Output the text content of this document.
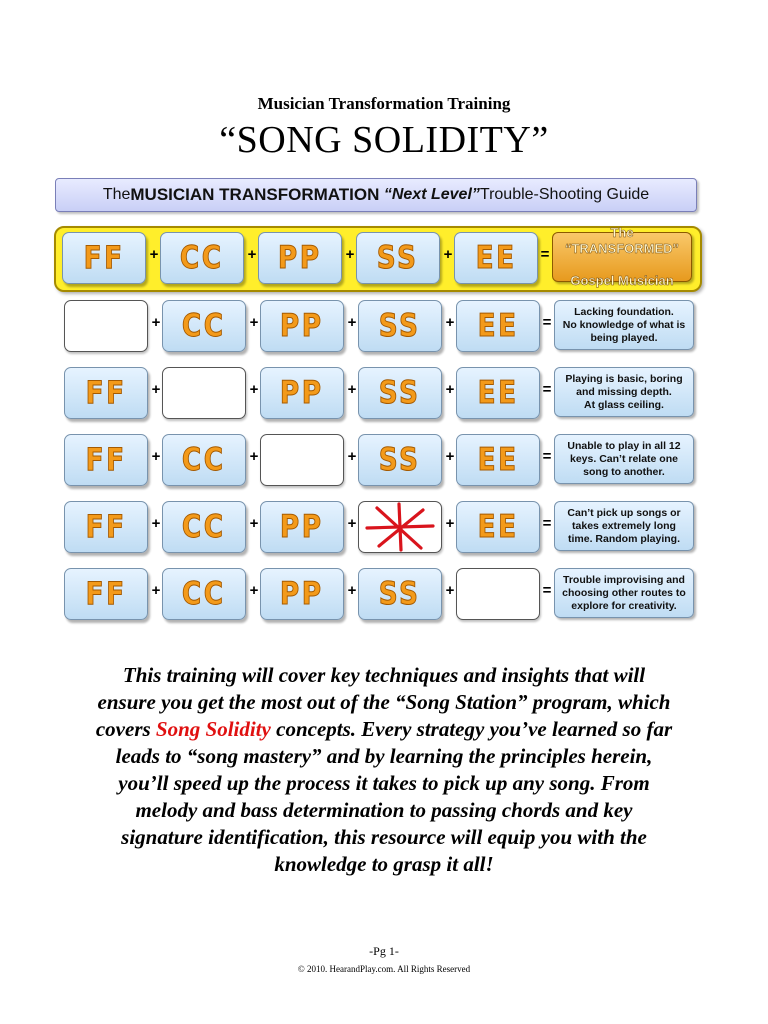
Musician Transformation Training
“SONG SOLIDITY”
The MUSICIAN TRANSFORMATION
“Next Level” Trouble-Shooting Guide
FF + CC + PP + SS + EE =

The “TRANSFORMED”

Gospel Musician

+ CC + PP + SS + EE =
Lacking foundation.
No knowledge of what is
being played.
FF +	+ PP + SS + EE =
Playing is basic, boring
and missing depth.
At glass ceiling.
FF + CC +	+ SS + EE =
Unable to play in all 12
keys. Can’t relate one
song to another.
FF + CC + PP +	+ EE =
Can’t pick up songs or
takes extremely long
time. Random playing.
FF + CC + PP + SS +	=
Trouble improvising and
choosing other routes to
explore for creativity.
This training will cover key techniques and insights that will ensure you get the most out of the “Song Station” program, which covers Song Solidity concepts. Every strategy you’ve learned so far leads to “song mastery” and by learning the principles herein, you’ll speed up the process it takes to pick up any song. From melody and bass determination to passing chords and key signature identification, this resource will equip you with the knowledge to grasp it all!
-Pg 1-
© 2010. HearandPlay.com. All Rights Reserved
